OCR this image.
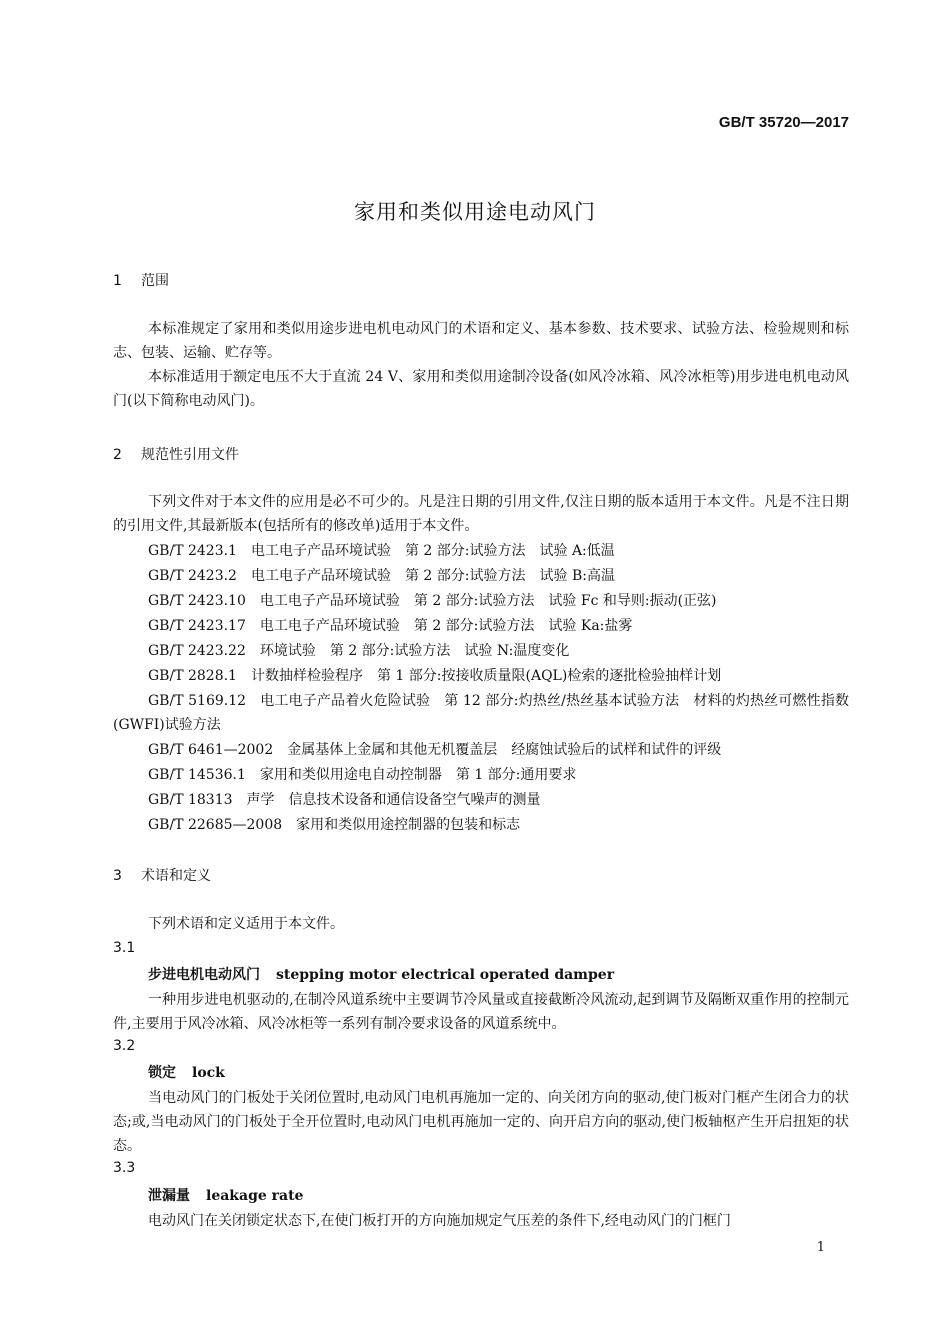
GB/T 35720—2017
家用和类似用途电动风门
1 范围
本标准规定了家用和类似用途步进电机电动风门的术语和定义、基本参数、技术要求、试验方法、检验规则和标志、包装、运输、贮存等。
本标准适用于额定电压不大于直流 24 V、家用和类似用途制冷设备(如风冷冰箱、风冷冰柜等)用步进电机电动风门(以下简称电动风门)。
2 规范性引用文件
下列文件对于本文件的应用是必不可少的。凡是注日期的引用文件,仅注日期的版本适用于本文件。凡是不注日期的引用文件,其最新版本(包括所有的修改单)适用于本文件。
GB/T 2423.1 电工电子产品环境试验 第 2 部分:试验方法 试验 A:低温
GB/T 2423.2 电工电子产品环境试验 第 2 部分:试验方法 试验 B:高温
GB/T 2423.10 电工电子产品环境试验 第 2 部分:试验方法 试验 Fc 和导则:振动(正弦)
GB/T 2423.17 电工电子产品环境试验 第 2 部分:试验方法 试验 Ka:盐雾
GB/T 2423.22 环境试验 第 2 部分:试验方法 试验 N:温度变化
GB/T 2828.1 计数抽样检验程序 第 1 部分:按接收质量限(AQL)检索的逐批检验抽样计划
GB/T 5169.12 电工电子产品着火危险试验 第 12 部分:灼热丝/热丝基本试验方法 材料的灼热丝可燃性指数(GWFI)试验方法
GB/T 6461—2002 金属基体上金属和其他无机覆盖层 经腐蚀试验后的试样和试件的评级
GB/T 14536.1 家用和类似用途电自动控制器 第 1 部分:通用要求
GB/T 18313 声学 信息技术设备和通信设备空气噪声的测量
GB/T 22685—2008 家用和类似用途控制器的包装和标志
3 术语和定义
下列术语和定义适用于本文件。
3.1
步进电机电动风门 stepping motor electrical operated damper
一种用步进电机驱动的,在制冷风道系统中主要调节冷风量或直接截断冷风流动,起到调节及隔断双重作用的控制元件,主要用于风冷冰箱、风冷冰柜等一系列有制冷要求设备的风道系统中。
3.2
锁定 lock
当电动风门的门板处于关闭位置时,电动风门电机再施加一定的、向关闭方向的驱动,使门板对门框产生闭合力的状态;或,当电动风门的门板处于全开位置时,电动风门电机再施加一定的、向开启方向的驱动,使门板轴枢产生开启扭矩的状态。
3.3
泄漏量 leakage rate
电动风门在关闭锁定状态下,在使门板打开的方向施加规定气压差的条件下,经电动风门的门框门
1
